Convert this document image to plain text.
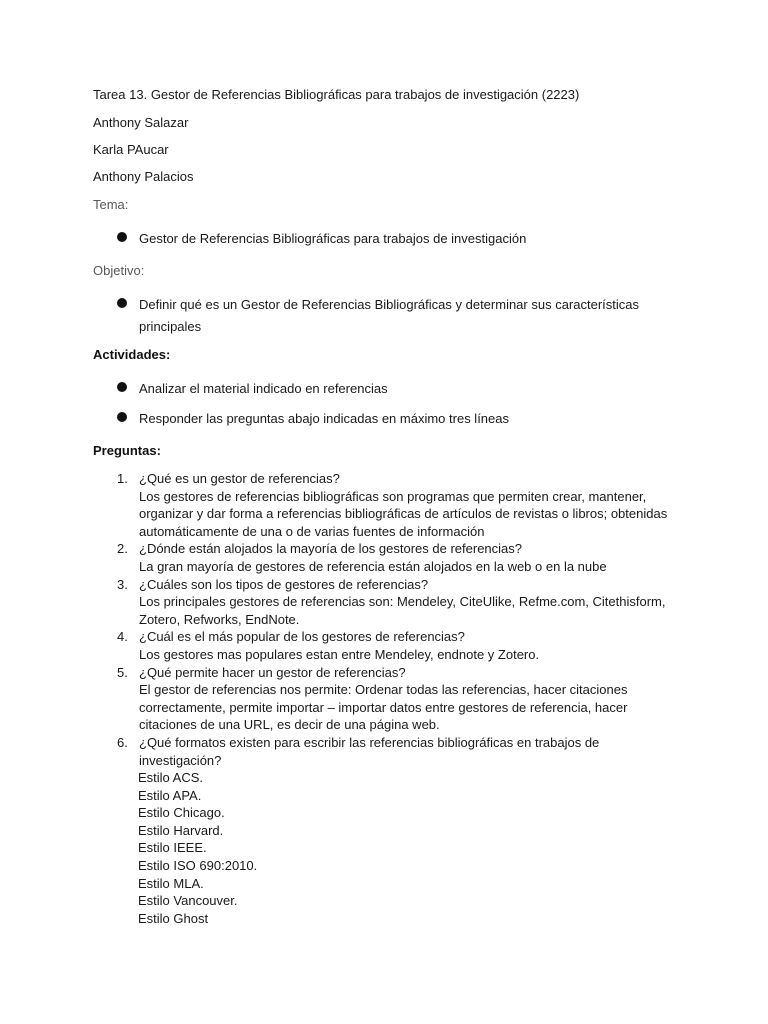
Tarea 13. Gestor de Referencias Bibliográficas para trabajos de investigación (2223)
Anthony Salazar
Karla PAucar
Anthony Palacios
Tema:
Gestor de Referencias Bibliográficas para trabajos de investigación
Objetivo:
Definir qué es un Gestor de Referencias Bibliográficas y determinar sus características principales
Actividades:
Analizar el material indicado en referencias
Responder las preguntas abajo indicadas en máximo tres líneas
Preguntas:
1. ¿Qué es un gestor de referencias?
Los gestores de referencias bibliográficas son programas que permiten crear, mantener, organizar y dar forma a referencias bibliográficas de artículos de revistas o libros; obtenidas automáticamente de una o de varias fuentes de información
2. ¿Dónde están alojados la mayoría de los gestores de referencias?
La gran mayoría de gestores de referencia están alojados en la web o en la nube
3. ¿Cuáles son los tipos de gestores de referencias?
Los principales gestores de referencias son: Mendeley, CiteUlike, Refme.com, Citethisform, Zotero, Refworks, EndNote.
4. ¿Cuál es el más popular de los gestores de referencias?
Los gestores mas populares estan entre Mendeley, endnote y Zotero.
5. ¿Qué permite hacer un gestor de referencias?
El gestor de referencias nos permite: Ordenar todas las referencias, hacer citaciones correctamente, permite importar – importar datos entre gestores de referencia, hacer citaciones de una URL, es decir de una página web.
6. ¿Qué formatos existen para escribir las referencias bibliográficas en trabajos de investigación?
Estilo ACS.
Estilo APA.
Estilo Chicago.
Estilo Harvard.
Estilo IEEE.
Estilo ISO 690:2010.
Estilo MLA.
Estilo Vancouver.
Estilo Ghost
